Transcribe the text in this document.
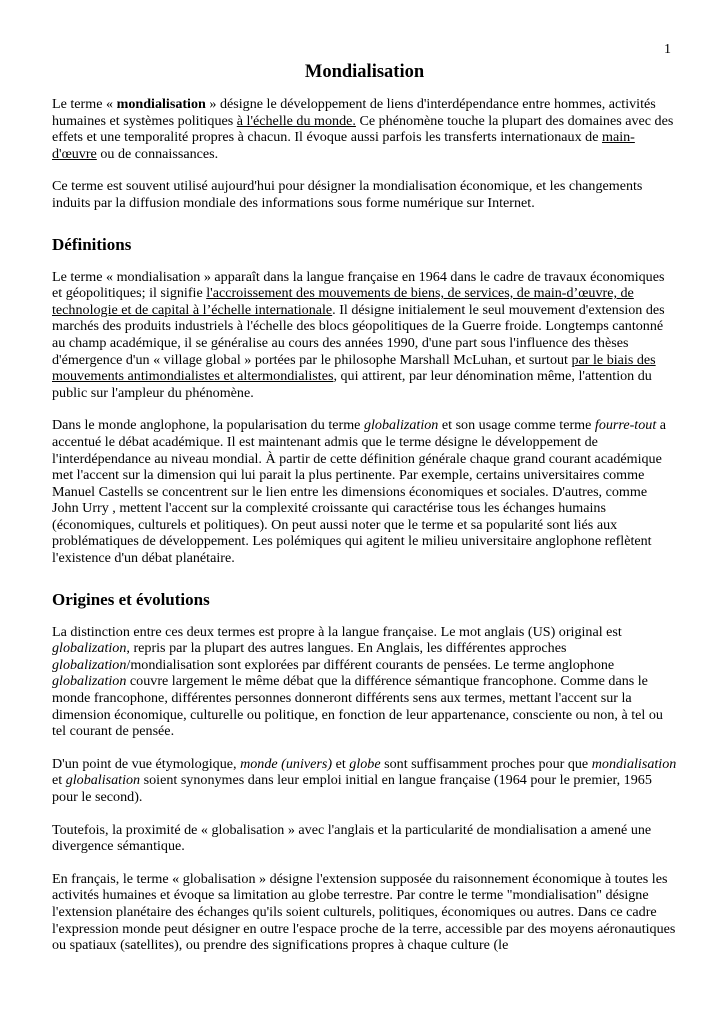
1
Mondialisation

Le terme « mondialisation » désigne le développement de liens d'interdépendance entre hommes, activités humaines et systèmes politiques à l'échelle du monde. Ce phénomène touche la plupart des domaines avec des effets et une temporalité propres à chacun. Il évoque aussi parfois les transferts internationaux de main-d'œuvre ou de connaissances.

Ce terme est souvent utilisé aujourd'hui pour désigner la mondialisation économique, et les changements induits par la diffusion mondiale des informations sous forme numérique sur Internet.

Définitions

Le terme « mondialisation » apparaît dans la langue française en 1964 dans le cadre de travaux économiques et géopolitiques; il signifie l'accroissement des mouvements de biens, de services, de main-d’œuvre, de technologie et de capital à l’échelle internationale. Il désigne initialement le seul mouvement d'extension des marchés des produits industriels à l'échelle des blocs géopolitiques de la Guerre froide. Longtemps cantonné au champ académique, il se généralise au cours des années 1990, d'une part sous l'influence des thèses d'émergence d'un « village global » portées par le philosophe Marshall McLuhan, et surtout par le biais des mouvements antimondialistes et altermondialistes, qui attirent, par leur dénomination même, l'attention du public sur l'ampleur du phénomène.

Dans le monde anglophone, la popularisation du terme globalization et son usage comme terme fourre-tout a accentué le débat académique. Il est maintenant admis que le terme désigne le développement de l'interdépendance au niveau mondial. À partir de cette définition générale chaque grand courant académique met l'accent sur la dimension qui lui parait la plus pertinente. Par exemple, certains universitaires comme Manuel Castells se concentrent sur le lien entre les dimensions économiques et sociales. D'autres, comme John Urry , mettent l'accent sur la complexité croissante qui caractérise tous les échanges humains (économiques, culturels et politiques). On peut aussi noter que le terme et sa popularité sont liés aux problématiques de développement. Les polémiques qui agitent le milieu universitaire anglophone reflètent l'existence d'un débat planétaire.

Origines et évolutions

La distinction entre ces deux termes est propre à la langue française. Le mot anglais (US) original est globalization, repris par la plupart des autres langues. En Anglais, les différentes approches globalization/mondialisation sont explorées par différent courants de pensées. Le terme anglophone globalization couvre largement le même débat que la différence sémantique francophone. Comme dans le monde francophone, différentes personnes donneront différents sens aux termes, mettant l'accent sur la dimension économique, culturelle ou politique, en fonction de leur appartenance, consciente ou non, à tel ou tel courant de pensée.

D'un point de vue étymologique, monde (univers) et globe sont suffisamment proches pour que mondialisation et globalisation soient synonymes dans leur emploi initial en langue française (1964 pour le premier, 1965 pour le second).

Toutefois, la proximité de « globalisation » avec l'anglais et la particularité de mondialisation a amené une divergence sémantique.

En français, le terme « globalisation » désigne l'extension supposée du raisonnement économique à toutes les activités humaines et évoque sa limitation au globe terrestre. Par contre le terme "mondialisation" désigne l'extension planétaire des échanges qu'ils soient culturels, politiques, économiques ou autres. Dans ce cadre l'expression monde peut désigner en outre l'espace proche de la terre, accessible par des moyens aéronautiques ou spatiaux (satellites), ou prendre des significations propres à chaque culture (le
